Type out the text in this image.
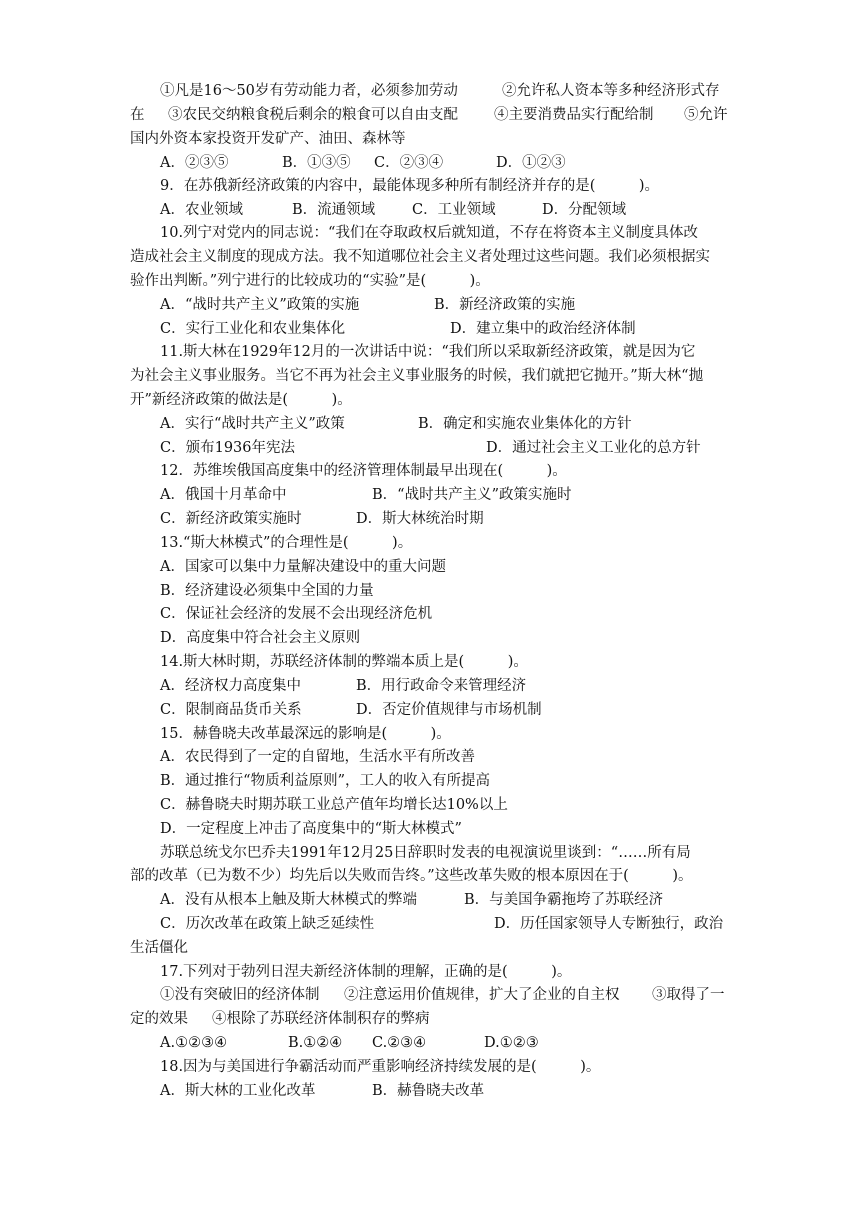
①凡是16～50岁有劳动能力者，必须参加劳动

	②允许私人资本等多种经济形式存

在

③农民交纳粮食税后剩余的粮食可以自由支配

④主要消费品实行配给制

⑤允许

国内外资本家投资开发矿产、油田、森林等

A．②③⑤

	B．①③⑤

C．②③④

	D．①②③

9．在苏俄新经济政策的内容中，最能体现多种所有制经济并存的是(　　　)。

A．农业领域

	B．流通领域

	C．工业领域

	D．分配领域

10.列宁对党内的同志说：“我们在夺取政权后就知道，不存在将资本主义制度具体改

造成社会主义制度的现成方法。我不知道哪位社会主义者处理过这些问题。我们必须根据实

验作出判断。”列宁进行的比较成功的“实验”是(　　　)。

A．“战时共产主义”政策的实施

	B．新经济政策的实施

C．实行工业化和农业集体化

	D．建立集中的政治经济体制

11.斯大林在1929年12月的一次讲话中说：“我们所以采取新经济政策，就是因为它

为社会主义事业服务。当它不再为社会主义事业服务的时候，我们就把它抛开。”斯大林“抛

开”新经济政策的做法是(　　　)。

A．实行“战时共产主义”政策

	B．确定和实施农业集体化的方针

C．颁布1936年宪法

	D．通过社会主义工业化的总方针

12．苏维埃俄国高度集中的经济管理体制最早出现在(　　　)。

A．俄国十月革命中

	B．“战时共产主义”政策实施时

C．新经济政策实施时

	D．斯大林统治时期

13.“斯大林模式”的合理性是(　　　)。

A．国家可以集中力量解决建设中的重大问题

B．经济建设必须集中全国的力量

C．保证社会经济的发展不会出现经济危机

D．高度集中符合社会主义原则

14.斯大林时期，苏联经济体制的弊端本质上是(　　　)。

A．经济权力高度集中

	B．用行政命令来管理经济

C．限制商品货币关系

	D．否定价值规律与市场机制

15．赫鲁晓夫改革最深远的影响是(　　　)。

A．农民得到了一定的自留地，生活水平有所改善

B．通过推行“物质利益原则”，工人的收入有所提高

C．赫鲁晓夫时期苏联工业总产值年均增长达10%以上

D．一定程度上冲击了高度集中的“斯大林模式”

苏联总统戈尔巴乔夫1991年12月25日辞职时发表的电视演说里谈到：“……所有局

部的改革（已为数不少）均先后以失败而告终。”这些改革失败的根本原因在于(　　　)。

A．没有从根本上触及斯大林模式的弊端

	B．与美国争霸拖垮了苏联经济

C．历次改革在政策上缺乏延续性

	D．历任国家领导人专断独行，政治

生活僵化

17.下列对于勃列日涅夫新经济体制的理解，正确的是(　　　)。

①没有突破旧的经济体制

②注意运用价值规律，扩大了企业的自主权

③取得了一

定的效果

④根除了苏联经济体制积存的弊病

A.①②③④

	B.①②④

C.②③④

	D.①②③

18.因为与美国进行争霸活动而严重影响经济持续发展的是(　　　)。

A．斯大林的工业化改革

	B．赫鲁晓夫改革
